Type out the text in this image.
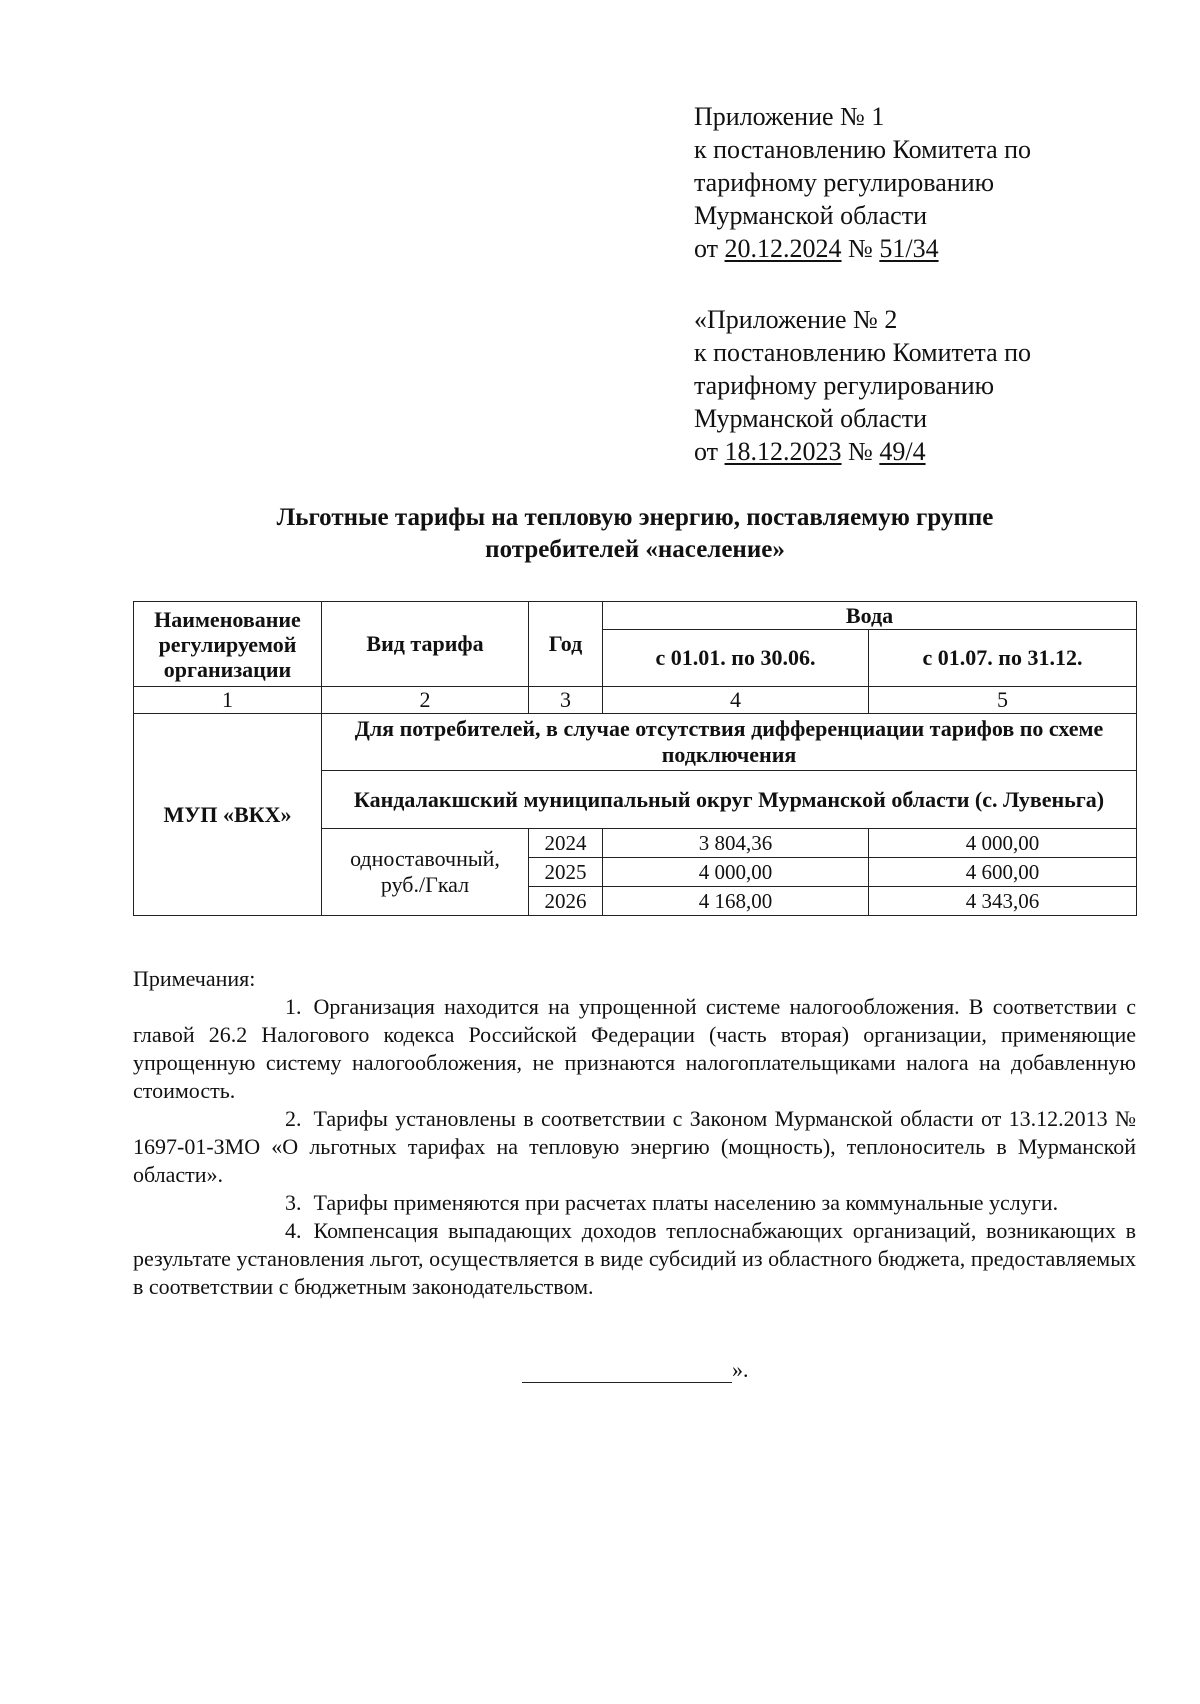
Приложение № 1
к постановлению Комитета по
тарифному регулированию
Мурманской области
от 20.12.2024 № 51/34
«Приложение № 2
к постановлению Комитета по
тарифному регулированию
Мурманской области
от 18.12.2023 № 49/4
Льготные тарифы на тепловую энергию, поставляемую группе
потребителей «население»
Наименование регулируемой организации	Вид тарифа	Год	Вода	
			с 01.01. по 30.06.	с 01.07. по 31.12.
1	2	3	4	5
МУП «ВКХ»	Для потребителей, в случае отсутствия дифференциации тарифов по схеме подключения			
	Кандалакшский муниципальный округ Мурманской области (с. Лувеньга)			
	одноставочный, руб./Гкал	2024	3 804,36	4 000,00
		2025	4 000,00	4 600,00
		2026	4 168,00	4 343,06

Примечания:

1. Организация находится на упрощенной системе налогообложения. В соответствии с главой 26.2 Налогового кодекса Российской Федерации (часть вторая) организации, применяющие упрощенную систему налогообложения, не признаются налогоплательщиками налога на добавленную стоимость.

2. Тарифы установлены в соответствии с Законом Мурманской области от 13.12.2013 № 1697-01-ЗМО «О льготных тарифах на тепловую энергию (мощность), теплоноситель в Мурманской области».

3. Тарифы применяются при расчетах платы населению за коммунальные услуги.

4. Компенсация выпадающих доходов теплоснабжающих организаций, возникающих в результате установления льгот, осуществляется в виде субсидий из областного бюджета, предоставляемых в соответствии с бюджетным законодательством.

».
